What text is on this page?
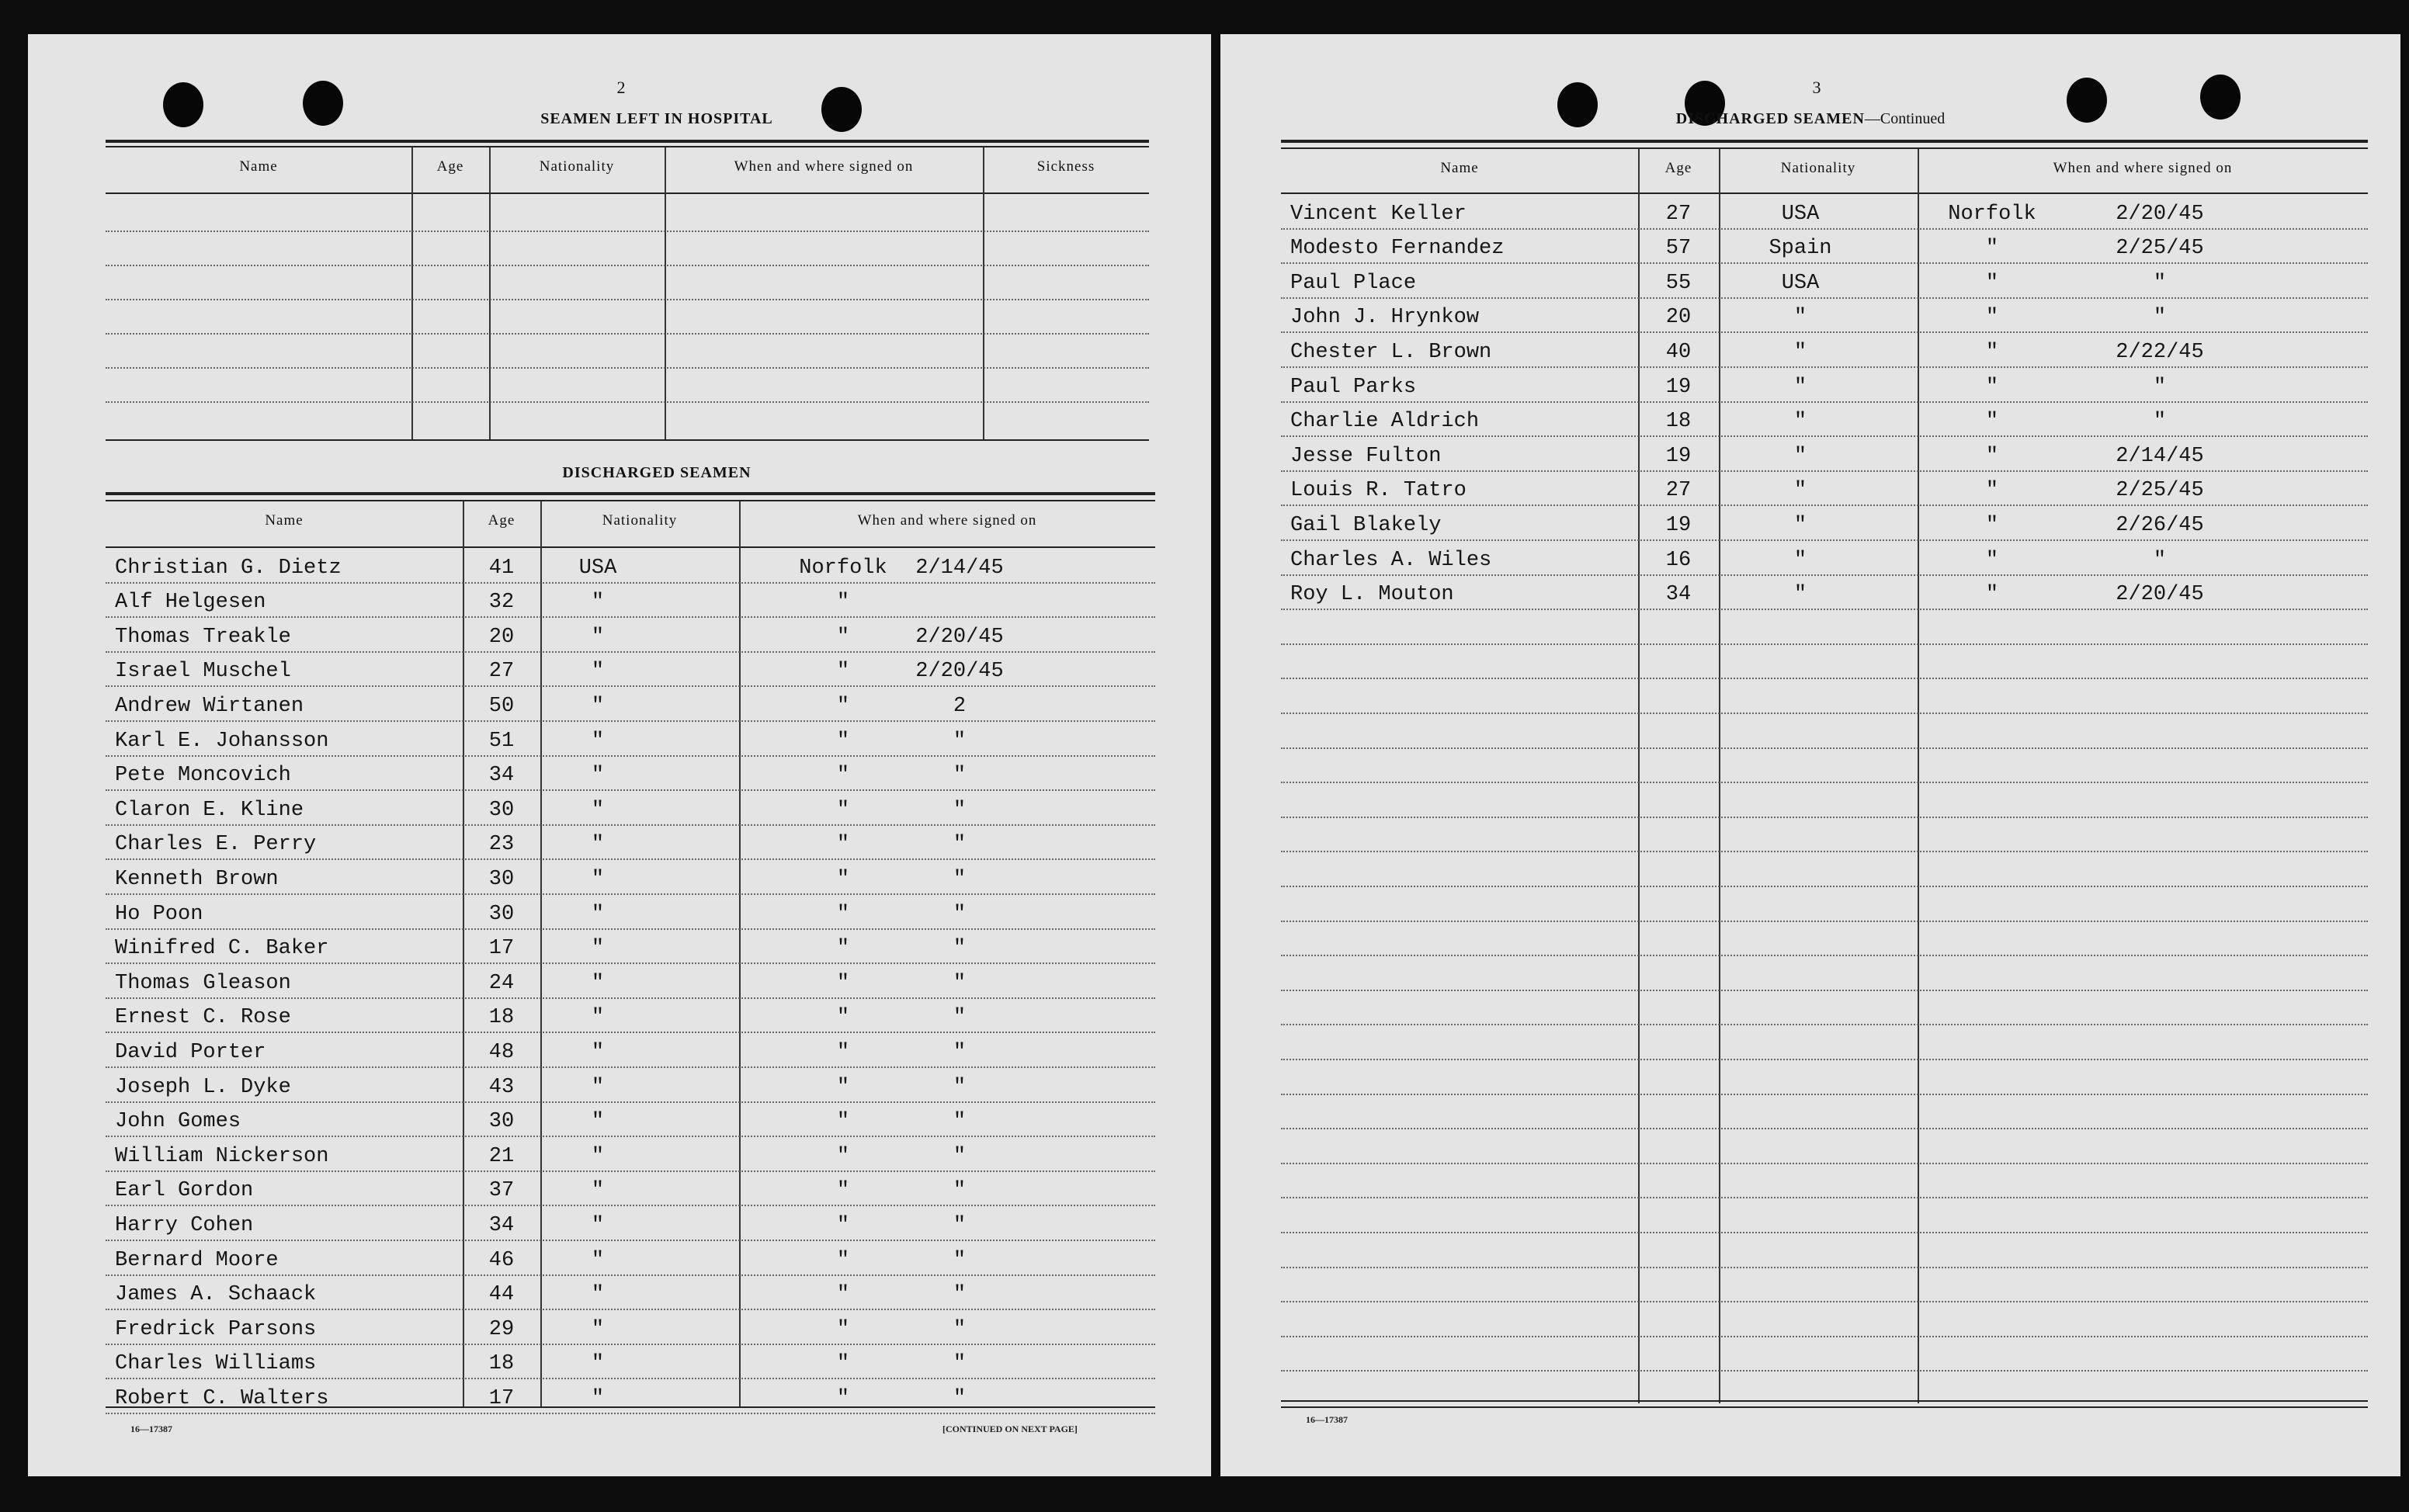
2
SEAMEN LEFT IN HOSPITAL
Name	Age	Nationality	When and where signed on	Sickness
DISCHARGED SEAMEN
Name	Age	Nationality	When and where signed on
16—17387	[CONTINUED ON NEXT PAGE]
Christian G. Dietz	41	USA	Norfolk	2/14/45
Alf Helgesen	32	"	"
Thomas Treakle	20	"	"	2/20/45
Israel Muschel	27	"	"	2/20/45
Andrew Wirtanen	50	"	"	2
Karl E. Johansson	51	"	"	"
Pete Moncovich	34	"	"	"
Claron E. Kline	30	"	"	"
Charles E. Perry	23	"	"	"
Kenneth Brown	30	"	"	"
Ho Poon	30	"	"	"
Winifred C. Baker	17	"	"	"
Thomas Gleason	24	"	"	"
Ernest C. Rose	18	"	"	"
David Porter	48	"	"	"
Joseph L. Dyke	43	"	"	"
John Gomes	30	"	"	"
William Nickerson	21	"	"	"
Earl Gordon	37	"	"	"
Harry Cohen	34	"	"	"
Bernard Moore	46	"	"	"
James A. Schaack	44	"	"	"
Fredrick Parsons	29	"	"	"
Charles Williams	18	"	"	"
Robert C. Walters	17	"	"	"
3
DISCHARGED SEAMEN—Continued
Name	Age	Nationality	When and where signed on
16—17387
Vincent Keller	27	USA	Norfolk	2/20/45
Modesto Fernandez	57	Spain	"	2/25/45
Paul Place	55	USA	"	"
John J. Hrynkow	20	"	"	"
Chester L. Brown	40	"	"	2/22/45
Paul Parks	19	"	"	"
Charlie Aldrich	18	"	"	"
Jesse Fulton	19	"	"	2/14/45
Louis R. Tatro	27	"	"	2/25/45
Gail Blakely	19	"	"	2/26/45
Charles A. Wiles	16	"	"	"
Roy L. Mouton	34	"	"	2/20/45
